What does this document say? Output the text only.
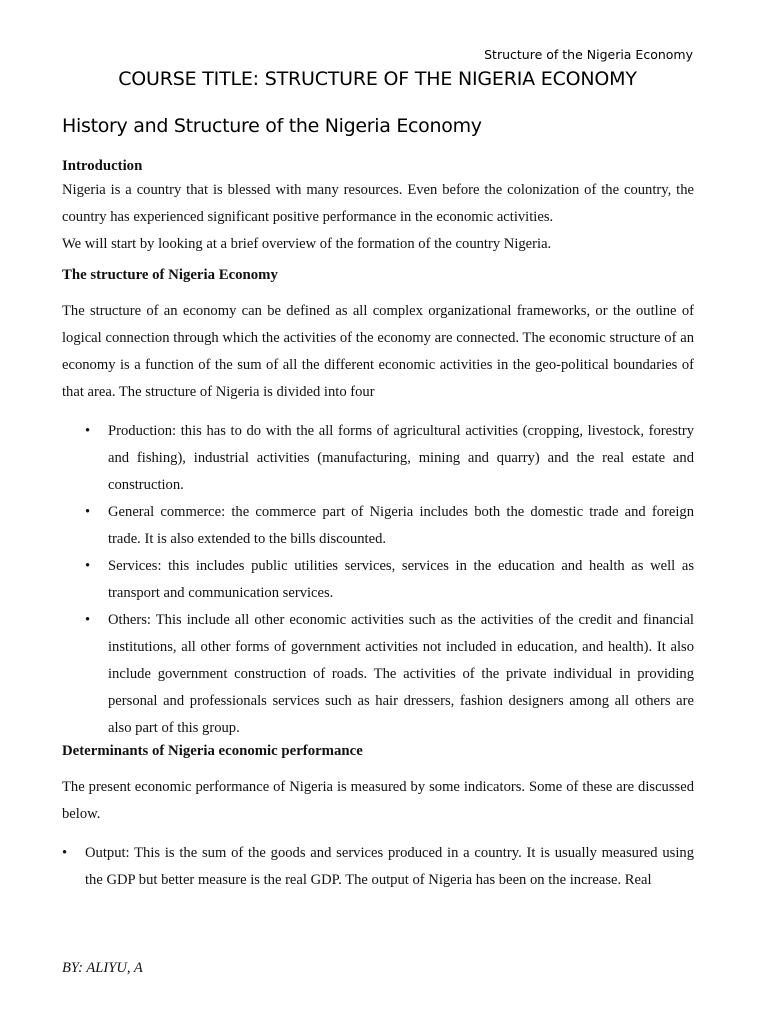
Structure of the Nigeria Economy
COURSE TITLE: STRUCTURE OF THE NIGERIA ECONOMY
History and Structure of the Nigeria Economy
Introduction

Nigeria is a country that is blessed with many resources. Even before the colonization of the country, the country has experienced significant positive performance in the economic activities.

We will start by looking at a brief overview of the formation of the country Nigeria.

The structure of Nigeria Economy

The structure of an economy can be defined as all complex organizational frameworks, or the outline of logical connection through which the activities of the economy are connected. The economic structure of an economy is a function of the sum of all the different economic activities in the geo-political boundaries of that area. The structure of Nigeria is divided into four

• Production: this has to do with the all forms of agricultural activities (cropping, livestock, forestry and fishing), industrial activities (manufacturing, mining and quarry) and the real estate and construction.
• General commerce: the commerce part of Nigeria includes both the domestic trade and foreign trade. It is also extended to the bills discounted.
• Services: this includes public utilities services, services in the education and health as well as transport and communication services.
• Others: This include all other economic activities such as the activities of the credit and financial institutions, all other forms of government activities not included in education, and health). It also include government construction of roads. The activities of the private individual in providing personal and professionals services such as hair dressers, fashion designers among all others are also part of this group.
Determinants of Nigeria economic performance

The present economic performance of Nigeria is measured by some indicators. Some of these are discussed below.

• Output: This is the sum of the goods and services produced in a country. It is usually measured using the GDP but better measure is the real GDP. The output of Nigeria has been on the increase. Real
BY: ALIYU, A
